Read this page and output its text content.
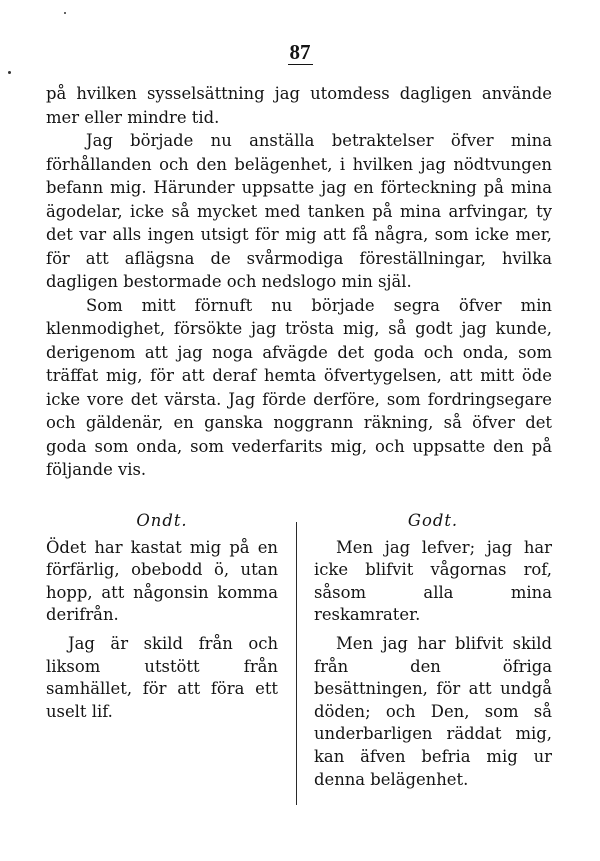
87

på hvilken sysselsättning jag utomdess dagligen använde mer eller mindre tid.

Jag började nu anställa betraktelser öfver mina förhållanden och den belägenhet, i hvilken jag nödtvungen befann mig. Härunder uppsatte jag en förteckning på mina ägodelar, icke så mycket med tanken på mina arfvingar, ty det var alls ingen utsigt för mig att få några, som icke mer, för att aflägsna de svårmodiga föreställningar, hvilka dagligen bestormade och nedslogo min själ.

Som mitt förnuft nu började segra öfver min klenmodighet, försökte jag trösta mig, så godt jag kunde, derigenom att jag noga afvägde det goda och onda, som träffat mig, för att deraf hemta öfvertygelsen, att mitt öde icke vore det värsta. Jag förde derföre, som fordringsegare och gäldenär, en ganska noggrann räkning, så öfver det goda som onda, som vederfarits mig, och uppsatte den på följande vis.

Ondt.

Ödet har kastat mig på en förfärlig, obebodd ö, utan hopp, att någonsin komma derifrån.

Jag är skild från och liksom utstött från samhället, för att föra ett uselt lif.

Godt.

Men jag lefver; jag har icke blifvit vågornas rof, såsom alla mina reskamrater.

Men jag har blifvit skild från den öfriga besättningen, för att undgå döden; och Den, som så underbarligen räddat mig, kan äfven befria mig ur denna belägenhet.
